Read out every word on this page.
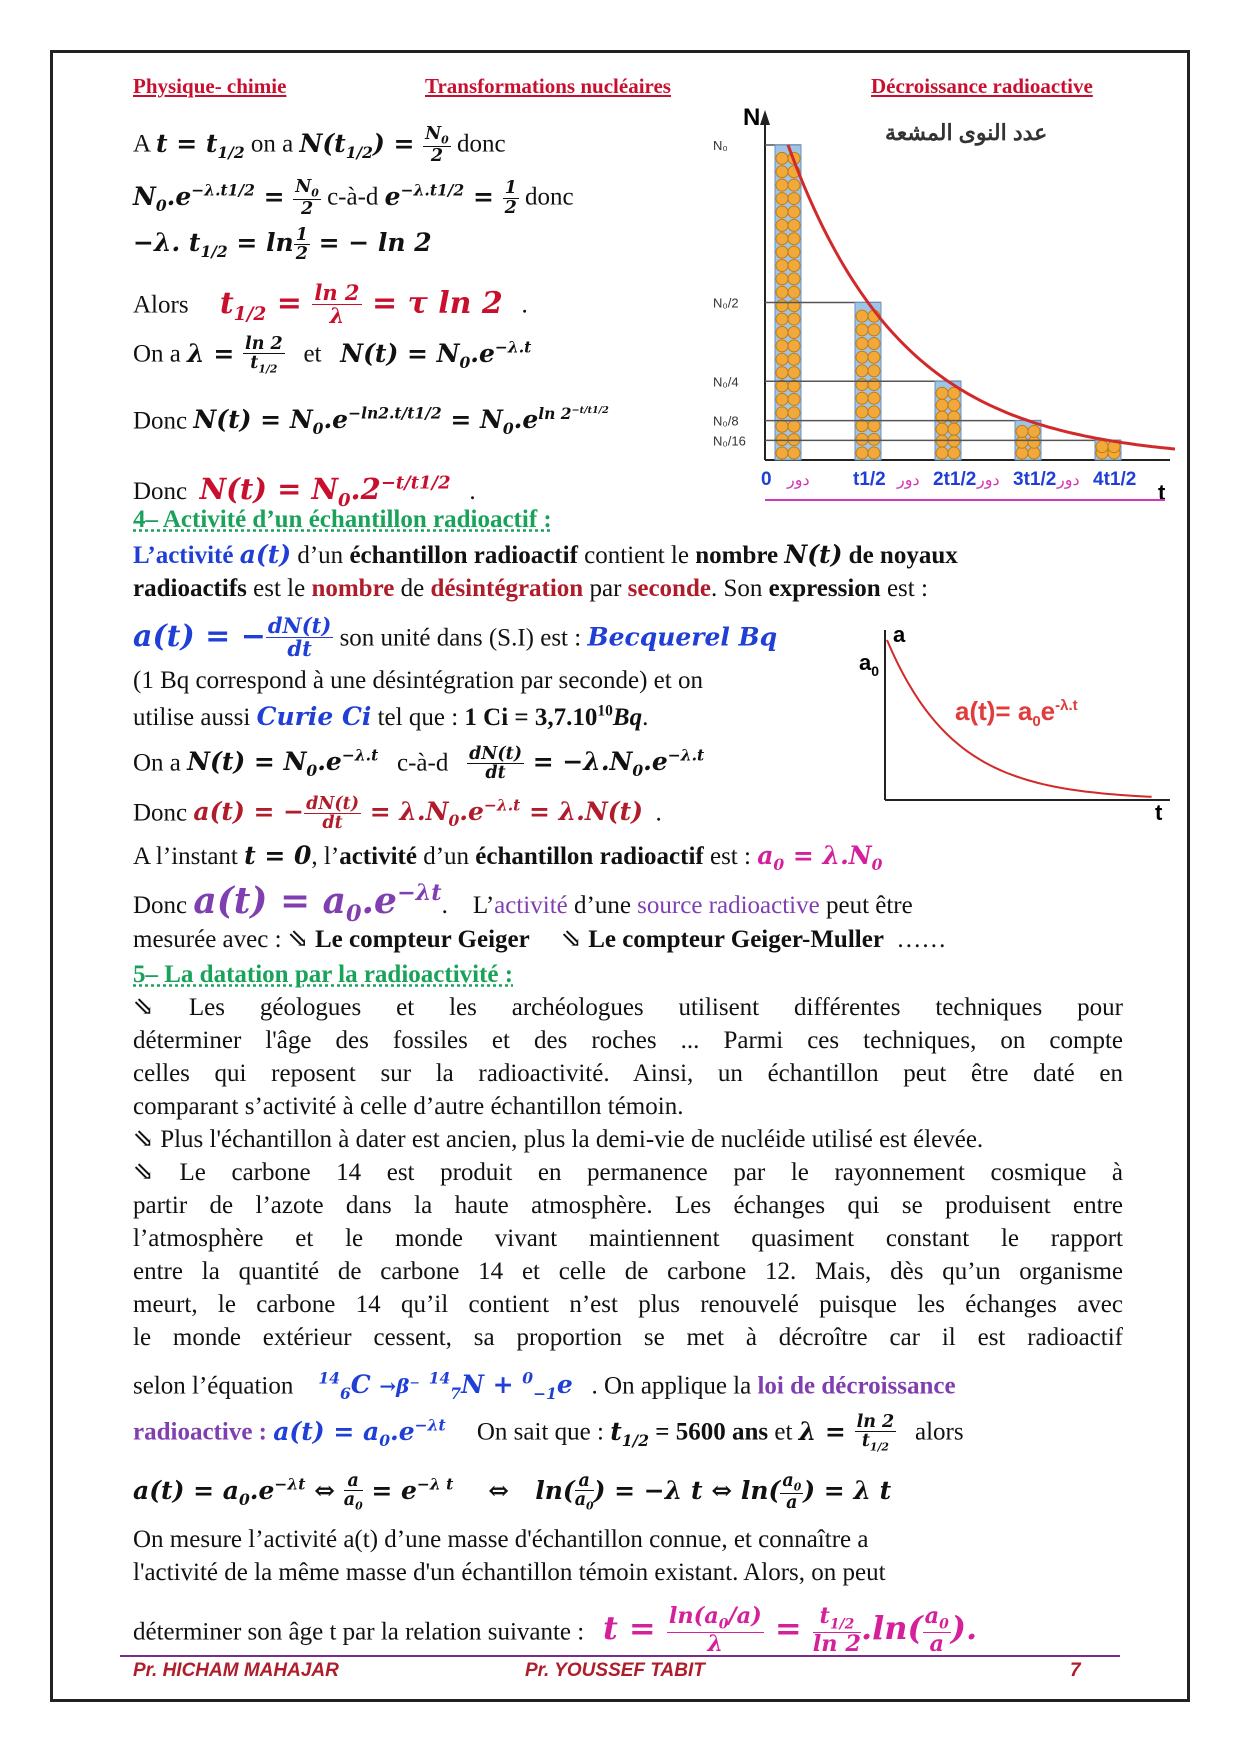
Physique- chimie	Transformations nucléaires	Décroissance radioactive
A $t = t_{1/2}$ on a $N(t_{1/2}) = \frac{N_0}{2}$ donc
$N_0.e^{-\lambda.t1/2} = \frac{N_0}{2}$ c-à-d $e^{-\lambda.t1/2} = \frac{1}{2}$ donc
−λ. $t_{1/2} = \ln \frac{1}{2}$ = − ln 2
Alors $t_{1/2} = \frac{\ln 2}{\lambda} = \tau$ ln 2   .
On a $\lambda = \frac{\ln 2}{t_{1/2}}$ et $N(t) = N_0.e^{-\lambda.t}$
Donc $N(t) = N_0.e^{-ln2.t/t1/2} = N_0.e^{ln 2^{-t/t1/2}}$
Donc $N(t) = N_0.2^{-t/t1/2}$   .
N
عدد النوى المشعة
t
N₀
0 دور
N₀/2
t1/2 دور
N₀/4
2t1/2 دور
N₀/8
3t1/2 دور
N₀/16
4t1/2
4– Activité d’un échantillon radioactif :
L’activité a(t) d’un échantillon radioactif contient le nombre N(t) de noyaux
radioactifs est le nombre de désintégration par seconde. Son expression est :
a(t) = − $\frac{dN(t)}{dt}$ son unité dans (S.I) est : Becquerel Bq
(1 Bq correspond à une désintégration par seconde) et on
utilise aussi Curie Ci tel que : 1 $Ci = 3,7.10^{10}Bq$.
On a $N(t) = N_0.e^{-\lambda.t}$ c-à-d $\frac{dN(t)}{dt} = -\lambda.N_0.e^{-\lambda.t}$
Donc a(t) = − $\frac{dN(t)}{dt} = \lambda.N_0.e^{-\lambda.t} = \lambda.N(t)$  .
A l’instant t = 0, l’activité d’un échantillon radioactif est : $a_0 = \lambda.N_0$
Donc $a(t) = a_0.e^{-\lambda t}$.    L’activité d’une source radioactive peut être
mesurée avec : ⇘ Le compteur Geiger     ⇘ Le compteur Geiger-Muller ……
a
$a_0$
t
$a(t)= a_0e^{-\lambda.t}$
5– La datation par la radioactivité :
⇘ Les géologues et les archéologues utilisent différentes techniques pour
déterminer l'âge des fossiles et des roches ... Parmi ces techniques, on compte
celles qui reposent sur la radioactivité. Ainsi, un échantillon peut être daté en
comparant s’activité à celle d’autre échantillon témoin.
⇘ Plus l'échantillon à dater est ancien, plus la demi-vie de nucléide utilisé est élevée.
⇘ Le carbone 14 est produit en permanence par le rayonnement cosmique à
partir de l’azote dans la haute atmosphère. Les échanges qui se produisent entre
l’atmosphère et le monde vivant maintiennent quasiment constant le rapport
entre la quantité de carbone 14 et celle de carbone 12. Mais, dès qu’un organisme
meurt, le carbone 14 qu’il contient n’est plus renouvelé puisque les échanges avec
le monde extérieur cessent, sa proportion se met à décroître car il est radioactif
selon l’équation $^{14}_6$C →β⁻ $^{14}_7$N + $^0_{-1}$e . On applique la loi de décroissance
radioactive : $a(t) = a_0.e^{-\lambda t}$ On sait que : $t_{1/2} = 5600$ ans et $\lambda = \frac{\ln 2}{t_{1/2}}$ alors
$a(t) = a_0.e^{-\lambda t}$ ⇔ $\frac{a}{a_0} = e^{-\lambda t}$    ⇔   $\ln( \frac{a}{a_0}$ ) = −λ t ⇔ $\ln( \frac{a_0}{a}$ ) = λ t
On mesure l’activité a(t) d’une masse d'échantillon connue, et connaître a
l'activité de la même masse d'un échantillon témoin existant. Alors, on peut
déterminer son âge t par la relation suivante : $t = \frac{\ln(a_0/a)}{\lambda} = \frac{t_{1/2}}{\ln 2} .\ln( \frac{a_0}{a}$ ).
Pr. HICHAM MAHAJAR	Pr. YOUSSEF TABIT	7
